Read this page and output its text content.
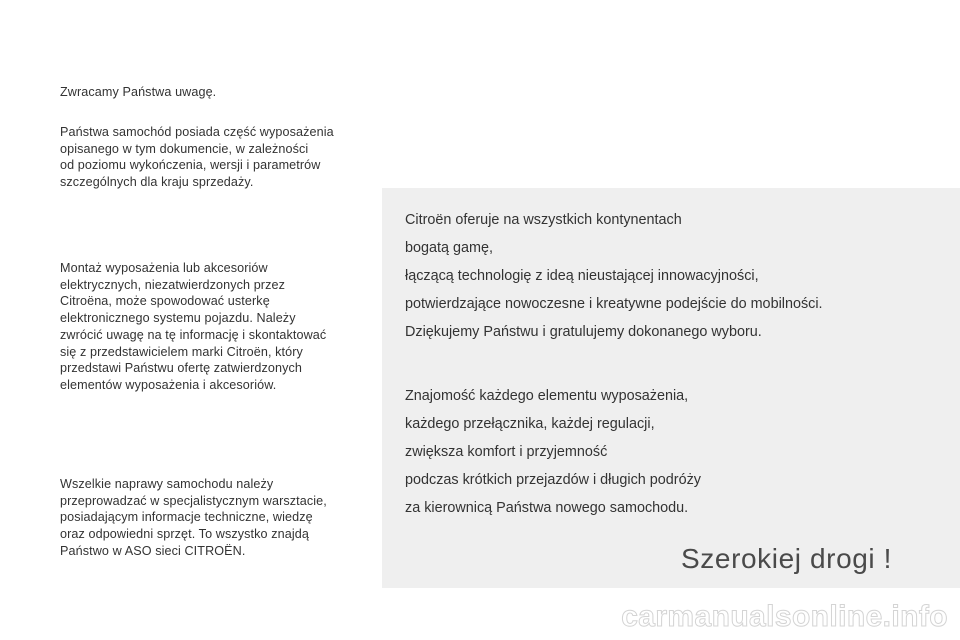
Zwracamy Państwa uwagę.
Państwa samochód posiada część wyposażenia
opisanego w tym dokumencie, w zależności
od poziomu wykończenia, wersji i parametrów
szczególnych dla kraju sprzedaży.
Montaż wyposażenia lub akcesoriów
elektrycznych, niezatwierdzonych przez
Citroëna, może spowodować usterkę
elektronicznego systemu pojazdu. Należy
zwrócić uwagę na tę informację i skontaktować
się z przedstawicielem marki Citroën, który
przedstawi Państwu ofertę zatwierdzonych
elementów wyposażenia i akcesoriów.
Wszelkie naprawy samochodu należy
przeprowadzać w specjalistycznym warsztacie,
posiadającym informacje techniczne, wiedzę
oraz odpowiedni sprzęt. To wszystko znajdą
Państwo w ASO sieci CITROËN.
Citroën oferuje na wszystkich kontynentach
bogatą gamę,
łączącą technologię z ideą nieustającej innowacyjności,
potwierdzające nowoczesne i kreatywne podejście do mobilności.
Dziękujemy Państwu i gratulujemy dokonanego wyboru.
Znajomość każdego elementu wyposażenia,
każdego przełącznika, każdej regulacji,
zwiększa komfort i przyjemność
podczas krótkich przejazdów i długich podróży
za kierownicą Państwa nowego samochodu.
Szerokiej drogi !
carmanualsonline.info
